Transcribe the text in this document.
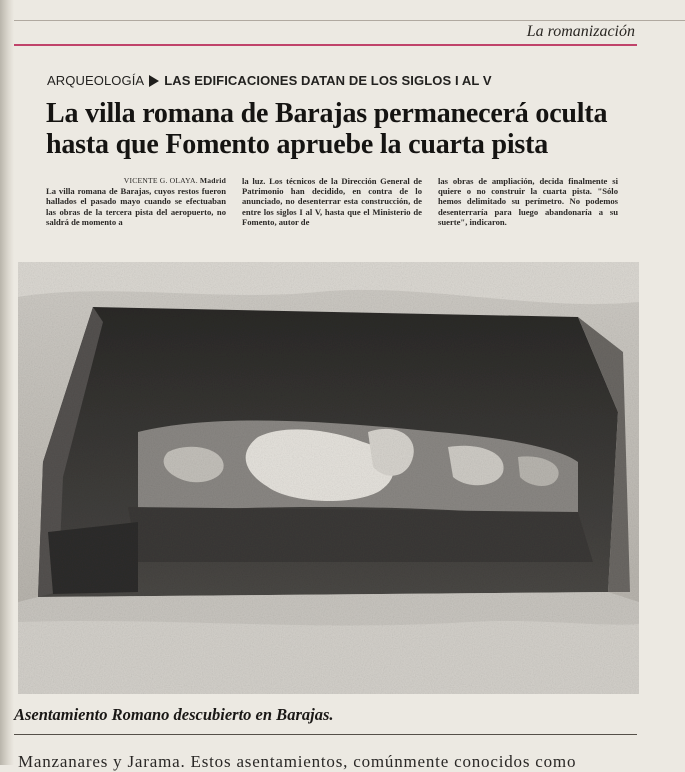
La romanización
ARQUEOLOGÍA LAS EDIFICACIONES DATAN DE LOS SIGLOS I AL V
La villa romana de Barajas permanecerá oculta
hasta que Fomento apruebe la cuarta pista
VICENTE G. OLAYA. Madrid
La villa romana de Barajas, cuyos restos fueron hallados el pasado mayo cuando se efectuaban las obras de la tercera pista del aeropuerto, no saldrá de momento a
la luz. Los técnicos de la Dirección General de Patrimonio han decidido, en contra de lo anunciado, no desenterrar esta construcción, de entre los siglos I al V, hasta que el Ministerio de Fomento, autor de
las obras de ampliación, decida finalmente si quiere o no construir la cuarta pista. "Sólo hemos delimitado su perímetro. No podemos desenterraría para luego abandonaría a su suerte", indicaron.
Asentamiento Romano descubierto en Barajas.
Manzanares y Jarama. Estos asentamientos, comúnmente conocidos como
